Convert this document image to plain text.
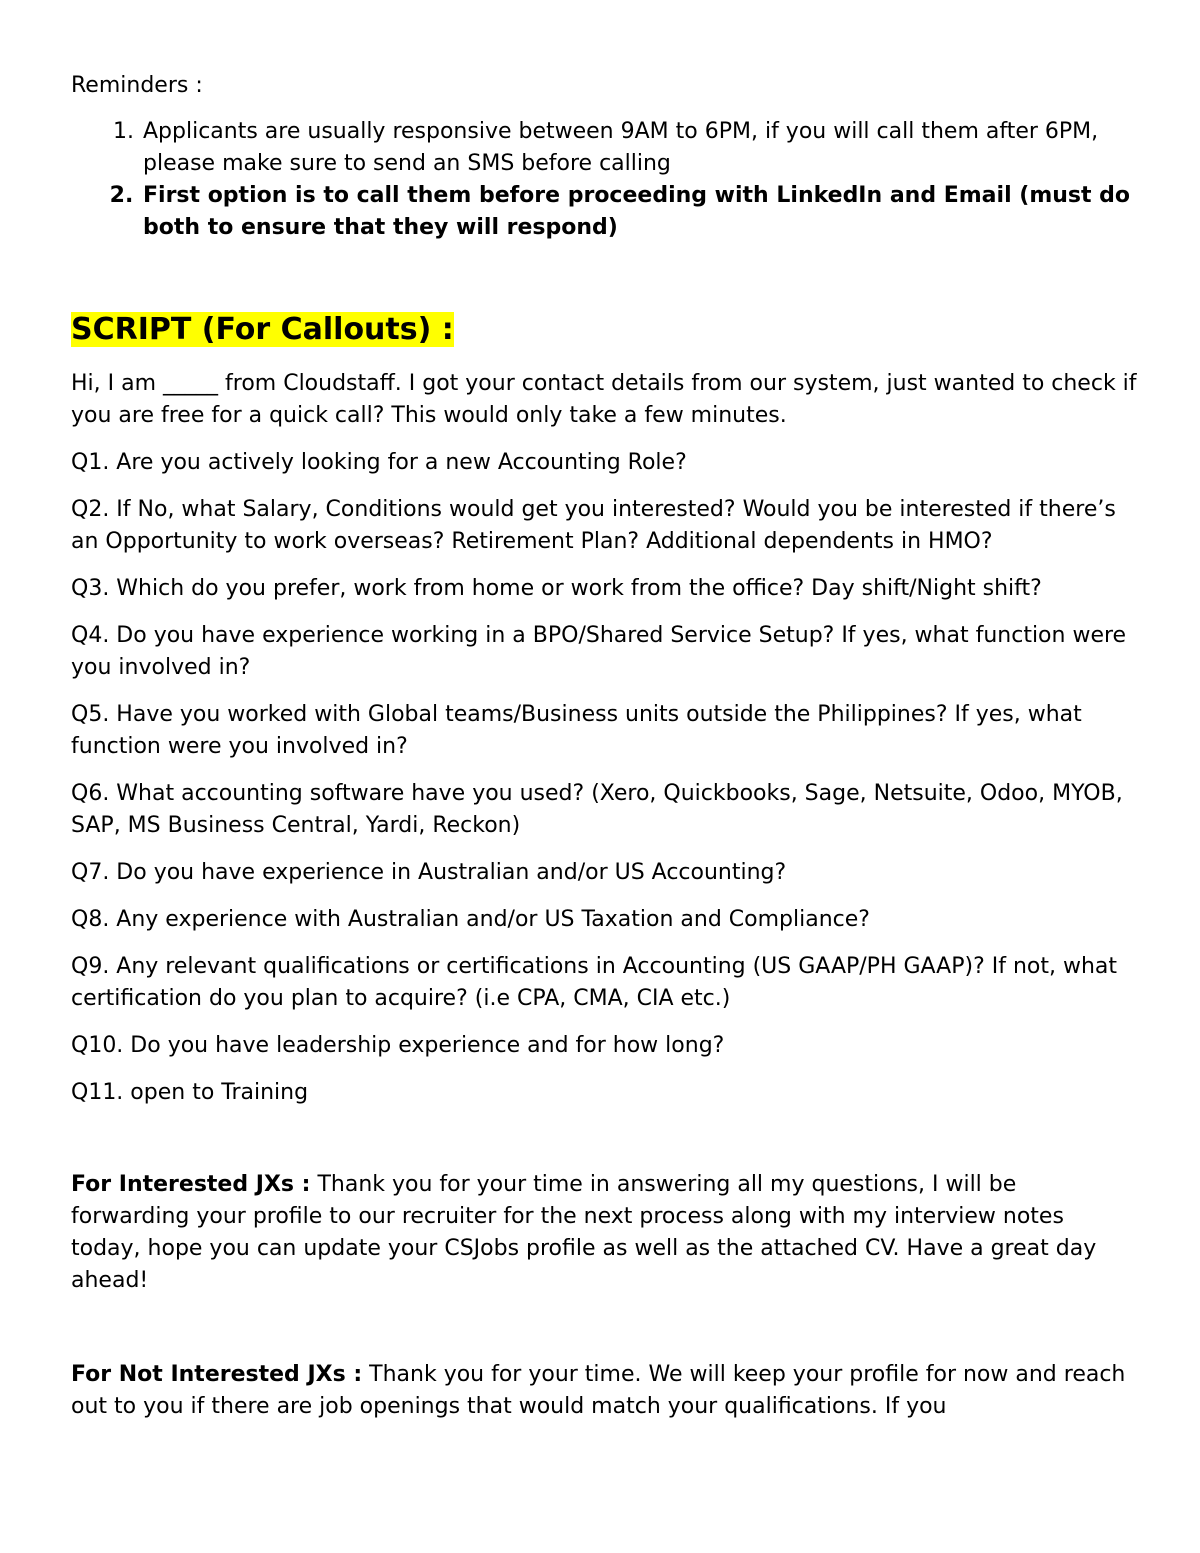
Reminders :
1. Applicants are usually responsive between 9AM to 6PM, if you will call them after 6PM, please make sure to send an SMS before calling
2. First option is to call them before proceeding with LinkedIn and Email (must do both to ensure that they will respond)
SCRIPT (For Callouts) :

Hi, I am _____ from Cloudstaff. I got your contact details from our system, just wanted to check if you are free for a quick call? This would only take a few minutes.

Q1. Are you actively looking for a new Accounting Role?

Q2. If No, what Salary, Conditions would get you interested? Would you be interested if there’s an Opportunity to work overseas? Retirement Plan? Additional dependents in HMO?

Q3. Which do you prefer, work from home or work from the office? Day shift/Night shift?

Q4. Do you have experience working in a BPO/Shared Service Setup? If yes, what function were you involved in?

Q5. Have you worked with Global teams/Business units outside the Philippines? If yes, what function were you involved in?

Q6. What accounting software have you used? (Xero, Quickbooks, Sage, Netsuite, Odoo, MYOB, SAP, MS Business Central, Yardi, Reckon)

Q7. Do you have experience in Australian and/or US Accounting?

Q8. Any experience with Australian and/or US Taxation and Compliance?

Q9. Any relevant qualifications or certifications in Accounting (US GAAP/PH GAAP)? If not, what certification do you plan to acquire? (i.e CPA, CMA, CIA etc.)

Q10. Do you have leadership experience and for how long?

Q11. open to Training

For Interested JXs : Thank you for your time in answering all my questions, I will be forwarding your profile to our recruiter for the next process along with my interview notes today, hope you can update your CSJobs profile as well as the attached CV. Have a great day ahead!

For Not Interested JXs : Thank you for your time. We will keep your profile for now and reach out to you if there are job openings that would match your qualifications. If you
